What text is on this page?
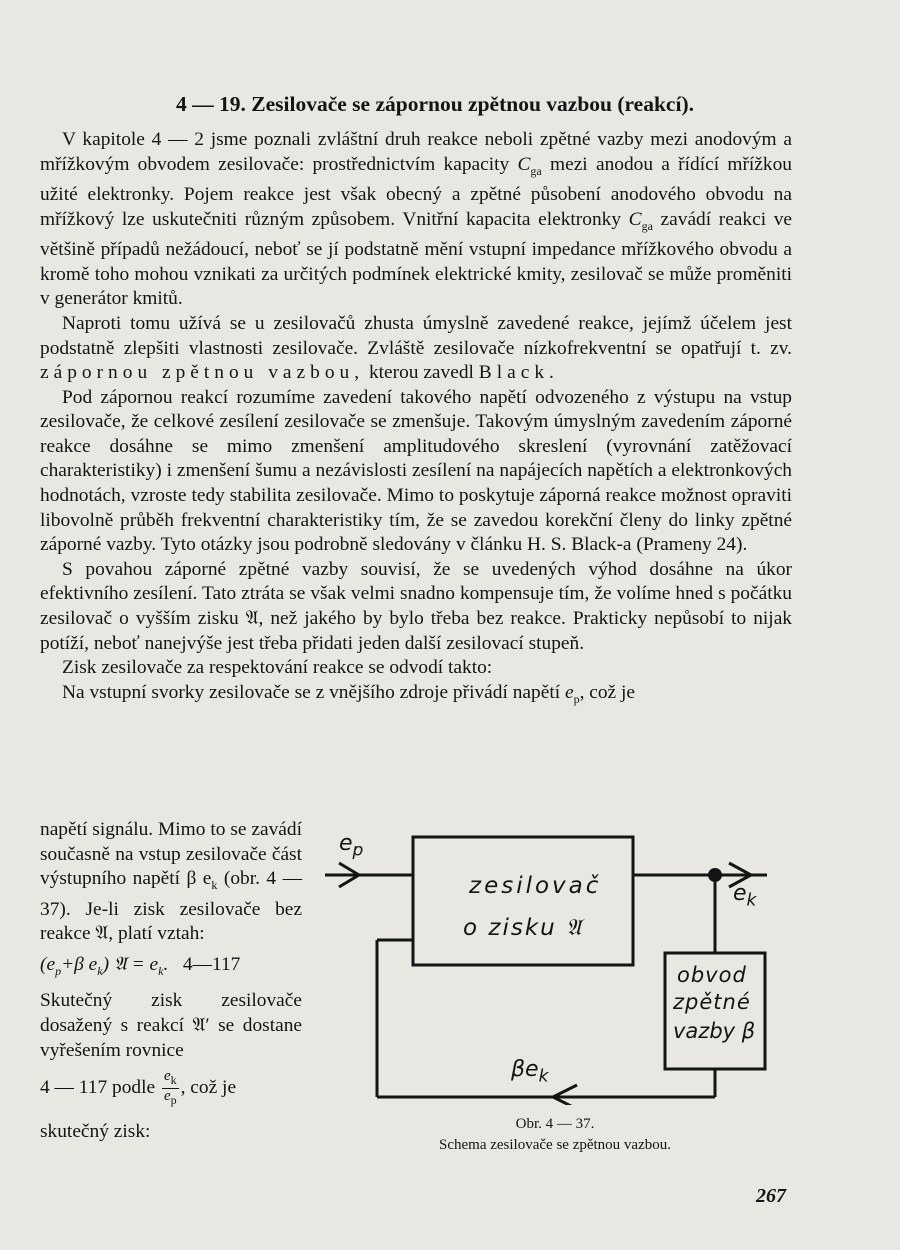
4 — 19. Zesilovače se zápornou zpětnou vazbou (reakcí).

V kapitole 4 — 2 jsme poznali zvláštní druh reakce neboli zpětné vazby mezi anodovým a mřížkovým obvodem zesilovače: prostřednictvím kapacity $C_{ga}$ mezi anodou a řídící mřížkou užité elektronky. Pojem reakce jest však obecný a zpětné působení anodového obvodu na mřížkový lze uskutečniti různým způsobem. Vnitřní kapacita elektronky $C_{ga}$ zavádí reakci ve většině případů nežádoucí, neboť se jí podstatně mění vstupní impedance mřížkového obvodu a kromě toho mohou vznikati za určitých podmínek elektrické kmity, zesilovač se může proměniti v generátor kmitů.

Naproti tomu užívá se u zesilovačů zhusta úmyslně zavedené reakce, jejímž účelem jest podstatně zlepšiti vlastnosti zesilovače. Zvláště zesilovače nízkofrekventní se opatřují t. zv. zápornou zpětnou vazbou, kterou zavedl Black.

Pod zápornou reakcí rozumíme zavedení takového napětí odvozeného z výstupu na vstup zesilovače, že celkové zesílení zesilovače se zmenšuje. Takovým úmyslným zavedením záporné reakce dosáhne se mimo zmenšení amplitudového skreslení (vyrovnání zatěžovací charakteristiky) i zmenšení šumu a nezávislosti zesílení na napájecích napětích a elektronkových hodnotách, vzroste tedy stabilita zesilovače. Mimo to poskytuje záporná reakce možnost opraviti libovolně průběh frekventní charakteristiky tím, že se zavedou korekční členy do linky zpětné záporné vazby. Tyto otázky jsou podrobně sledovány v článku H. S. Black-a (Prameny 24).

S povahou záporné zpětné vazby souvisí, že se uvedených výhod dosáhne na úkor efektivního zesílení. Tato ztráta se však velmi snadno kompensuje tím, že volíme hned s počátku zesilovač o vyšším zisku 𝔄, než jakého by bylo třeba bez reakce. Prakticky nepůsobí to nijak potíží, neboť nanejvýše jest třeba přidati jeden další zesilovací stupeň.

Zisk zesilovače za respektování reakce se odvodí takto:

Na vstupní svorky zesilovače se z vnějšího zdroje přivádí napětí $e_p$, což je

napětí signálu. Mimo to se zavádí současně na vstup zesilovače část výstupního napětí β $e_k$ (obr. 4 — 37). Je-li zisk zesilovače bez reakce 𝔄, platí vztah:

($e_p+\beta$ $e_k$) 𝔄 = $e_k$. 4—117

Skutečný zisk zesilovače dosažený s reakcí 𝔄′ se dostane vyřešením rovnice

4 — 117 podle $\frac{e_k}{e_p}$ , což je

skutečný zisk:

zesilovač
o zisku 𝔄
obvod
zpětné
vazby β
$e_p$
$e_k$
$\beta e_k$
Obr. 4 — 37.
Schema zesilovače se zpětnou vazbou.
267
